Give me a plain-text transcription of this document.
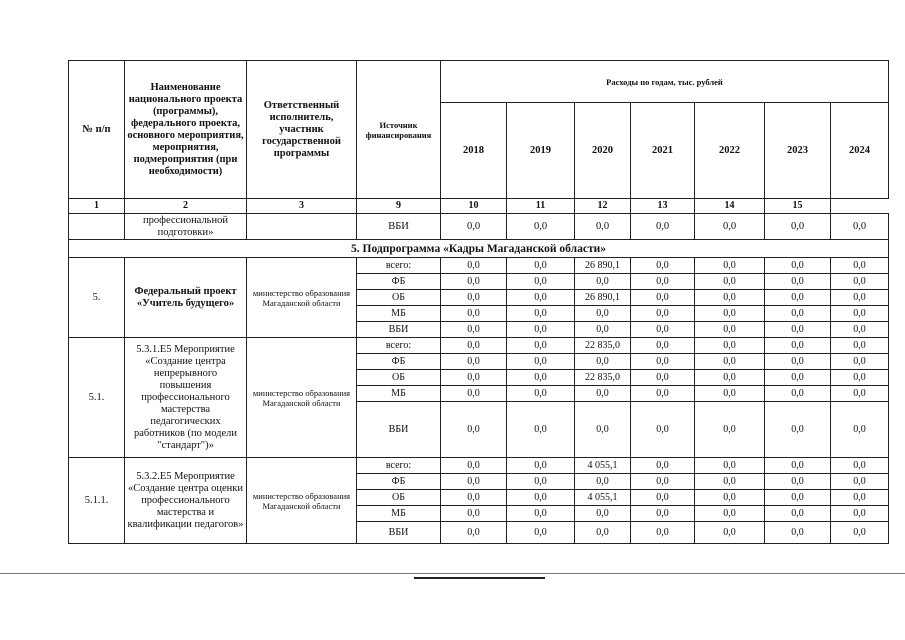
№ п/п	Наименование национального проекта (программы), федерального проекта, основного мероприятия, мероприятия, подмероприятия (при необходимости)	Ответственный исполнитель, участник государственной программы	Источник финансирования	Расходы по годам, тыс. рублей						
				2018	2019	2020	2021	2022	2023	2024
1	2	3	9	10	11	12	13	14	15	
	профессиональной подготовки»		ВБИ	0,0	0,0	0,0	0,0	0,0	0,0	0,0
5. Подпрограмма «Кадры Магаданской области»										
5.	Федеральный проект «Учитель будущего»	министерство образования Магаданской области	всего:	0,0	0,0	26 890,1	0,0	0,0	0,0	0,0
			ФБ	0,0	0,0	0,0	0,0	0,0	0,0	0,0
			ОБ	0,0	0,0	26 890,1	0,0	0,0	0,0	0,0
			МБ	0,0	0,0	0,0	0,0	0,0	0,0	0,0
			ВБИ	0,0	0,0	0,0	0,0	0,0	0,0	0,0
5.1.	5.3.1.Е5 Мероприятие «Создание центра непрерывного повышения профессионального мастерства педагогических работников (по модели "стандарт")»	министерство образования Магаданской области	всего:	0,0	0,0	22 835,0	0,0	0,0	0,0	0,0
			ФБ	0,0	0,0	0,0	0,0	0,0	0,0	0,0
			ОБ	0,0	0,0	22 835,0	0,0	0,0	0,0	0,0
			МБ	0,0	0,0	0,0	0,0	0,0	0,0	0,0
			ВБИ	0,0	0,0	0,0	0,0	0,0	0,0	0,0
5.1.1.	5.3.2.Е5 Мероприятие «Создание центра оценки профессионального мастерства и квалификации педагогов»	министерство образования Магаданской области	всего:	0,0	0,0	4 055,1	0,0	0,0	0,0	0,0
			ФБ	0,0	0,0	0,0	0,0	0,0	0,0	0,0
			ОБ	0,0	0,0	4 055,1	0,0	0,0	0,0	0,0
			МБ	0,0	0,0	0,0	0,0	0,0	0,0	0,0
			ВБИ	0,0	0,0	0,0	0,0	0,0	0,0	0,0
